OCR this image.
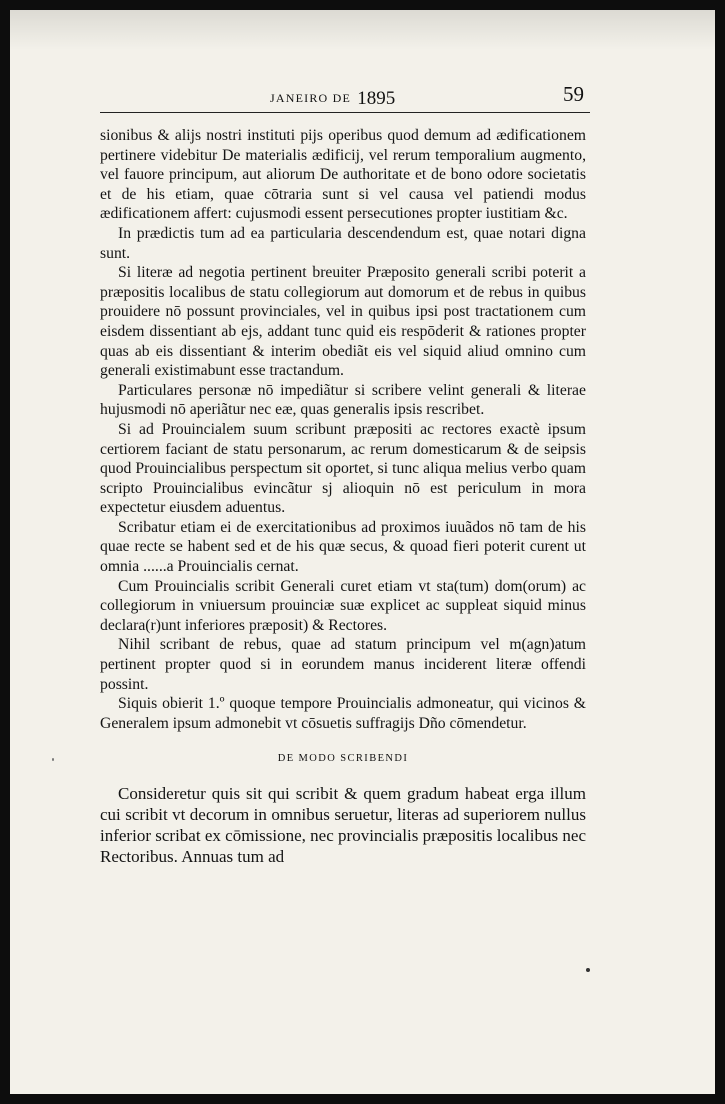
JANEIRO DE 1895	59

sionibus & alijs nostri instituti pijs operibus quod demum ad ædificationem pertinere videbitur De materialis ædificij, vel rerum temporalium augmento, vel fauore principum, aut aliorum De authoritate et de bono odore societatis et de his etiam, quae cōtraria sunt si vel causa vel patiendi modus ædificationem affert: cujusmodi essent persecutiones propter iustitiam &c.

In prædictis tum ad ea particularia descendendum est, quae notari digna sunt.

Si literæ ad negotia pertinent breuiter Præposito generali scribi poterit a præpositis localibus de statu collegiorum aut domorum et de rebus in quibus prouidere nō possunt provinciales, vel in quibus ipsi post tractationem cum eisdem dissentiant ab ejs, addant tunc quid eis respōderit & rationes propter quas ab eis dissentiant & interim obediãt eis vel siquid aliud omnino cum generali existimabunt esse tractandum.

Particulares personæ nō impediãtur si scribere velint generali & literae hujusmodi nō aperiãtur nec eæ, quas generalis ipsis rescribet.

Si ad Prouincialem suum scribunt præpositi ac rectores exactè ipsum certiorem faciant de statu personarum, ac rerum domesticarum & de seipsis quod Prouincialibus perspectum sit oportet, si tunc aliqua melius verbo quam scripto Prouincialibus evincãtur sj alioquin nō est periculum in mora expectetur eiusdem aduentus.

Scribatur etiam ei de exercitationibus ad proximos iuuãdos nō tam de his quae recte se habent sed et de his quæ secus, & quoad fieri poterit curent ut omnia ......a Prouincialis cernat.

Cum Prouincialis scribit Generali curet etiam vt sta(tum) dom(orum) ac collegiorum in vniuersum prouinciæ suæ explicet ac suppleat siquid minus declara(r)unt inferiores præposit) & Rectores.

Nihil scribant de rebus, quae ad statum principum vel m(agn)atum pertinent propter quod si in eorundem manus inciderent literæ offendi possint.

Siquis obierit 1.º quoque tempore Prouincialis admoneatur, qui vicinos & Generalem ipsum admonebit vt cōsuetis suffragijs Dño cōmendetur.

DE MODO SCRIBENDI

Consideretur quis sit qui scribit & quem gradum habeat erga illum cui scribit vt decorum in omnibus seruetur, literas ad superiorem nullus inferior scribat ex cōmissione, nec provincialis præpositis localibus nec Rectoribus. Annuas tum ad
